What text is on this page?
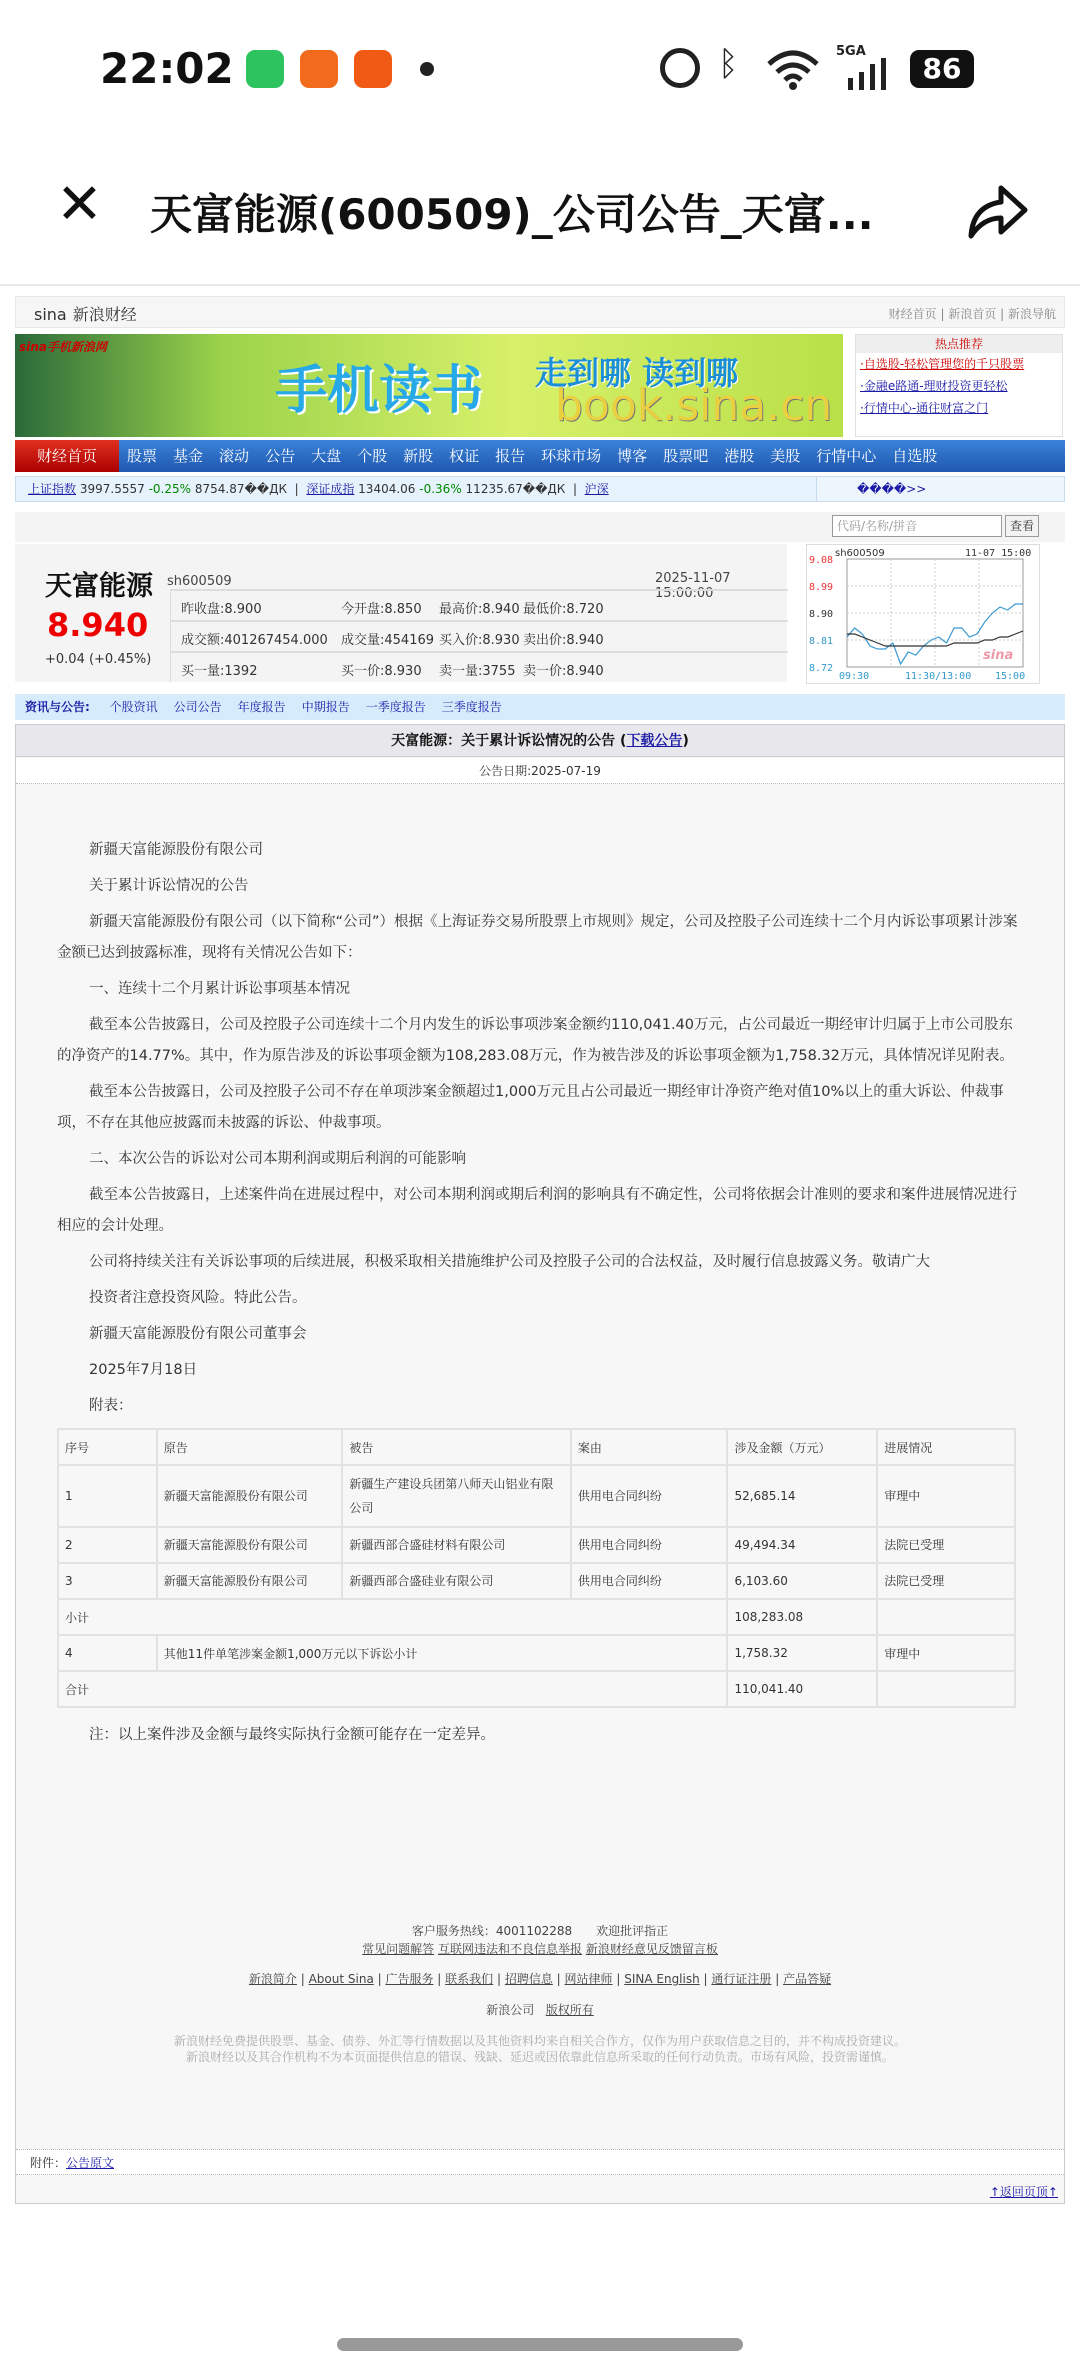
22:02	ᛒ	5GA
86
✕ 天富能源(600509)_公司公告_天富...
sina 新浪财经	财经首页 | 新浪首页 | 新浪导航
sina手机新浪网
手机读书 走到哪 读到哪
book.sina.cn
热点推荐
·自选股-轻松管理您的千只股票
·金融e路通-理财投资更轻松
·行情中心-通往财富之门
财经首页	股票	基金	滚动	公告	大盘	个股	新股	权证	报告	环球市场	博客	股票吧	港股	美股	行情中心	自选股
上证指数 3997.5557 -0.25% 8754.87��ДК | 深证成指 13404.06 -0.36% 11235.67��ДК | 沪深	����>>
代码/名称/拼音	查看
天富能源 sh600509	2025-11-07 15:00:00
8.940
+0.04 (+0.45%)
昨收盘:8.900	今开盘:8.850 最高价:8.940 最低价:8.720
成交额:401267454.000 成交量:454169 买入价:8.930 卖出价:8.940
买一量:1392	买一价:8.930 卖一量:3755 卖一价:8.940
9.08
8.99
8.90
8.81
8.72
09:30	11:30/13:00 15:00
sh600509	11-07 15:00
sina
资讯与公告: 个股资讯 公司公告 年度报告 中期报告 一季度报告 三季度报告
天富能源：关于累计诉讼情况的公告 (下载公告)
公告日期:2025-07-19

新疆天富能源股份有限公司

关于累计诉讼情况的公告

新疆天富能源股份有限公司（以下简称“公司”）根据《上海证券交易所股票上市规则》规定，公司及控股子公司连续十二个月内诉讼事项累计涉案金额已达到披露标准，现将有关情况公告如下：

一、连续十二个月累计诉讼事项基本情况

截至本公告披露日，公司及控股子公司连续十二个月内发生的诉讼事项涉案金额约110,041.40万元，占公司最近一期经审计归属于上市公司股东的净资产的14.77%。其中，作为原告涉及的诉讼事项金额为108,283.08万元，作为被告涉及的诉讼事项金额为1,758.32万元，具体情况详见附表。

截至本公告披露日，公司及控股子公司不存在单项涉案金额超过1,000万元且占公司最近一期经审计净资产绝对值10%以上的重大诉讼、仲裁事项，不存在其他应披露而未披露的诉讼、仲裁事项。

二、本次公告的诉讼对公司本期利润或期后利润的可能影响

截至本公告披露日，上述案件尚在进展过程中，对公司本期利润或期后利润的影响具有不确定性，公司将依据会计准则的要求和案件进展情况进行相应的会计处理。

公司将持续关注有关诉讼事项的后续进展，积极采取相关措施维护公司及控股子公司的合法权益，及时履行信息披露义务。敬请广大

投资者注意投资风险。特此公告。

新疆天富能源股份有限公司董事会

2025年7月18日

附表：

序号	原告	被告	案由	涉及金额（万元）	进展情况
1	新疆天富能源股份有限公司	新疆生产建设兵团第八师天山铝业有限公司	供用电合同纠纷	52,685.14	审理中
2	新疆天富能源股份有限公司	新疆西部合盛硅材料有限公司	供用电合同纠纷	49,494.34	法院已受理
3	新疆天富能源股份有限公司	新疆西部合盛硅业有限公司	供用电合同纠纷	6,103.60	法院已受理
小计				108,283.08	
4	其他11件单笔涉案金额1,000万元以下诉讼小计			1,758.32	审理中
合计				110,041.40	

注：以上案件涉及金额与最终实际执行金额可能存在一定差异。

附件：公告原文
↑返回页顶↑
客户服务热线：4001102288　　欢迎批评指正
常见问题解答 互联网违法和不良信息举报 新浪财经意见反馈留言板
新浪简介 | About Sina | 广告服务 | 联系我们 | 招聘信息 | 网站律师 | SINA English | 通行证注册 | 产品答疑
新浪公司 版权所有
新浪财经免费提供股票、基金、债券、外汇等行情数据以及其他资料均来自相关合作方，仅作为用户获取信息之目的，并不构成投资建议。
新浪财经以及其合作机构不为本页面提供信息的错误、残缺、延迟或因依靠此信息所采取的任何行动负责。市场有风险，投资需谨慎。
